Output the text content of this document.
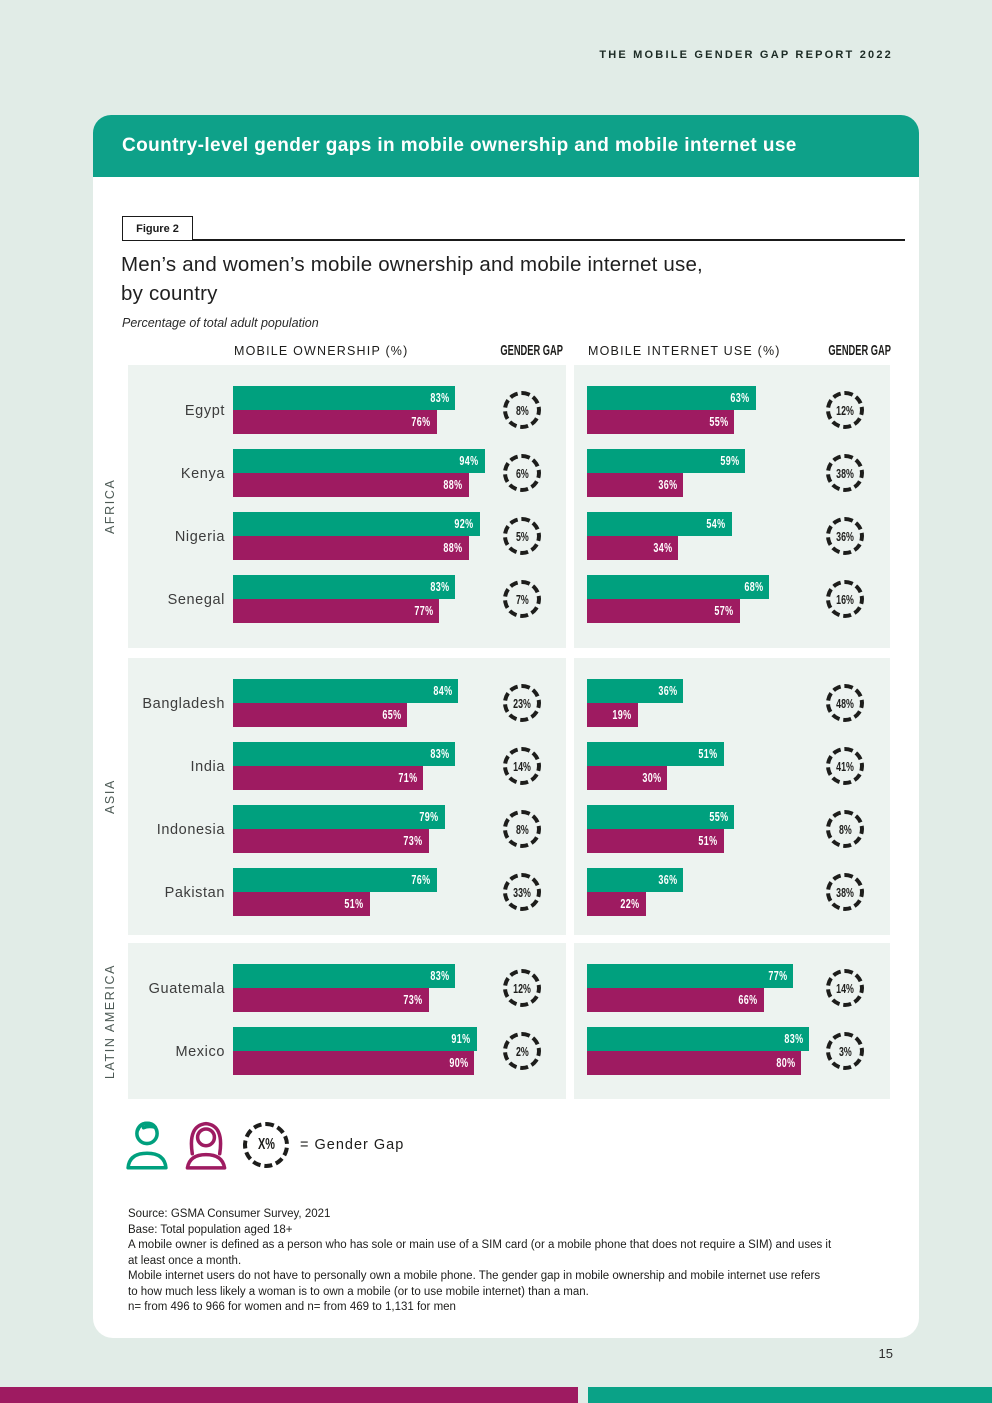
THE MOBILE GENDER GAP REPORT 2022
Country-level gender gaps in mobile ownership and mobile internet use
Figure 2
Men’s and women’s mobile ownership and mobile internet use,
by country
Percentage of total adult population
MOBILE OWNERSHIP (%)	GENDER GAP MOBILE INTERNET USE (%)	GENDER GAP
AFRICA
ASIA
LATIN AMERICA
Egypt
83%
76%
8%
Kenya
94%
88%
6%
Nigeria
92%
88%
5%
Senegal
83%
77%
7%
63%
55%
12%
59%
36%
38%
54%
34%
36%
68%
57%
16%
Bangladesh
84%
65%
23%
India
83%
71%
14%
Indonesia
79%
73%
8%
Pakistan
76%
51%
33%
36%
19%
48%
51%
30%
41%
55%
51%
8%
36%
22%
38%
Guatemala
83%
73%
12%
Mexico
91%
90%
2%
77%
66%
14%
83%
80%
3%
X% = Gender Gap
Source: GSMA Consumer Survey, 2021
Base: Total population aged 18+
A mobile owner is defined as a person who has sole or main use of a SIM card (or a mobile phone that does not require a SIM) and uses it
at least once a month.
Mobile internet users do not have to personally own a mobile phone. The gender gap in mobile ownership and mobile internet use refers
to how much less likely a woman is to own a mobile (or to use mobile internet) than a man.
n= from 496 to 966 for women and n= from 469 to 1,131 for men
15
